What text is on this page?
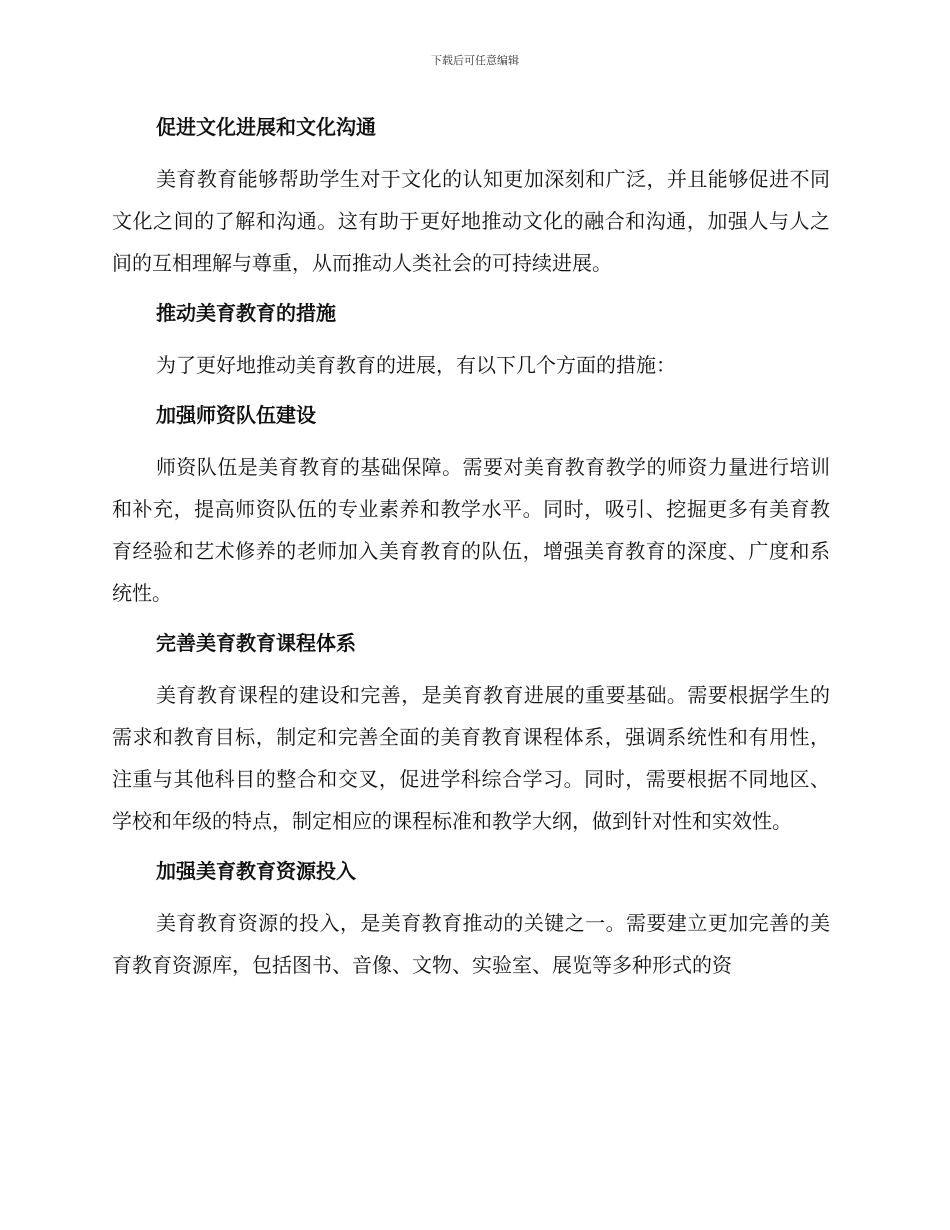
下载后可任意编辑
促进文化进展和文化沟通

美育教育能够帮助学生对于文化的认知更加深刻和广泛，并且能够促进不同文化之间的了解和沟通。这有助于更好地推动文化的融合和沟通，加强人与人之间的互相理解与尊重，从而推动人类社会的可持续进展。

推动美育教育的措施

为了更好地推动美育教育的进展，有以下几个方面的措施：

加强师资队伍建设

师资队伍是美育教育的基础保障。需要对美育教育教学的师资力量进行培训和补充，提高师资队伍的专业素养和教学水平。同时，吸引、挖掘更多有美育教育经验和艺术修养的老师加入美育教育的队伍，增强美育教育的深度、广度和系统性。

完善美育教育课程体系

美育教育课程的建设和完善，是美育教育进展的重要基础。需要根据学生的需求和教育目标，制定和完善全面的美育教育课程体系，强调系统性和有用性，注重与其他科目的整合和交叉，促进学科综合学习。同时，需要根据不同地区、学校和年级的特点，制定相应的课程标准和教学大纲，做到针对性和实效性。

加强美育教育资源投入

美育教育资源的投入，是美育教育推动的关键之一。需要建立更加完善的美育教育资源库，包括图书、音像、文物、实验室、展览等多种形式的资
